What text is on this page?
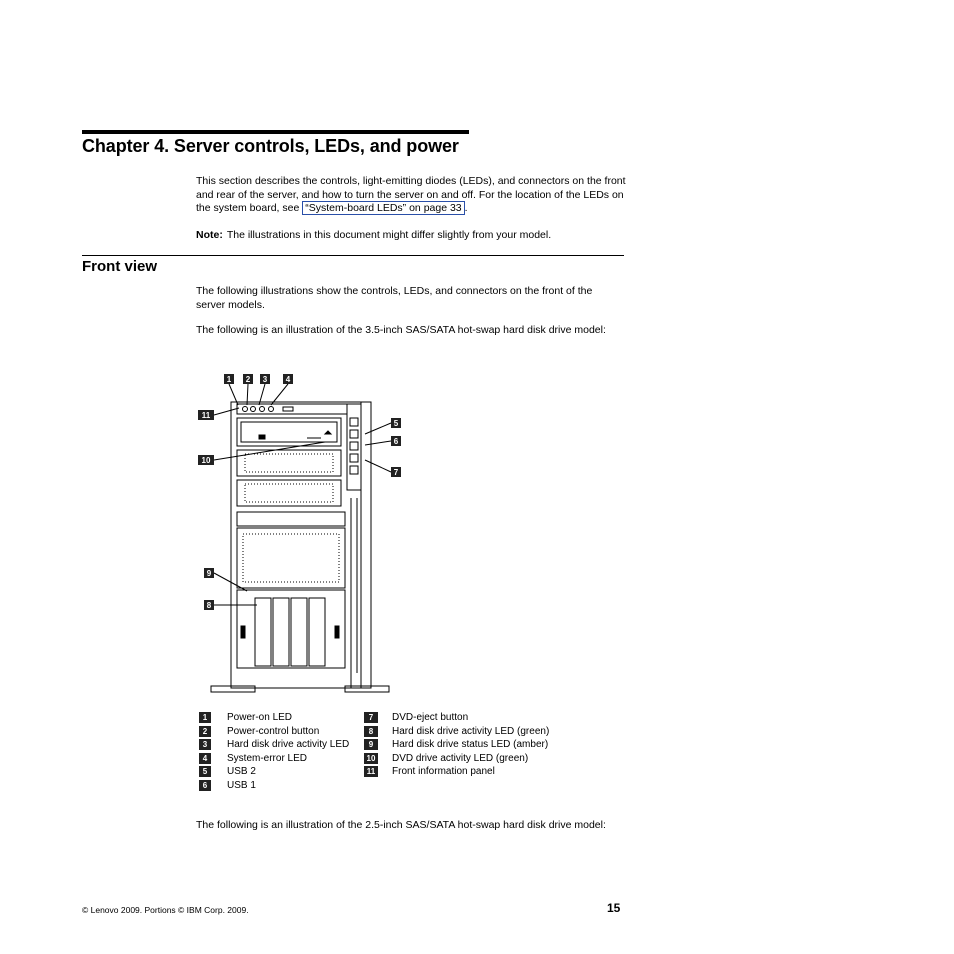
Chapter 4. Server controls, LEDs, and power
This section describes the controls, light-emitting diodes (LEDs), and connectors on the front and rear of the server, and how to turn the server on and off. For the location of the LEDs on the system board, see “System-board LEDs” on page 33 .
Note: The illustrations in this document might differ slightly from your model.
Front view
The following illustrations show the controls, LEDs, and connectors on the front of the server models.
The following is an illustration of the 3.5-inch SAS/SATA hot-swap hard disk drive model:
1 2 3 4
11
10
5
6
7
9
8
1	Power-on LED
2	Power-control button
3	Hard disk drive activity LED
4	System-error LED
5	USB 2
6	USB 1
7	DVD-eject button
8	Hard disk drive activity LED (green)
9	Hard disk drive status LED (amber)
10 DVD drive activity LED (green)
11 Front information panel
The following is an illustration of the 2.5-inch SAS/SATA hot-swap hard disk drive model:
© Lenovo 2009. Portions © IBM Corp. 2009.	15
